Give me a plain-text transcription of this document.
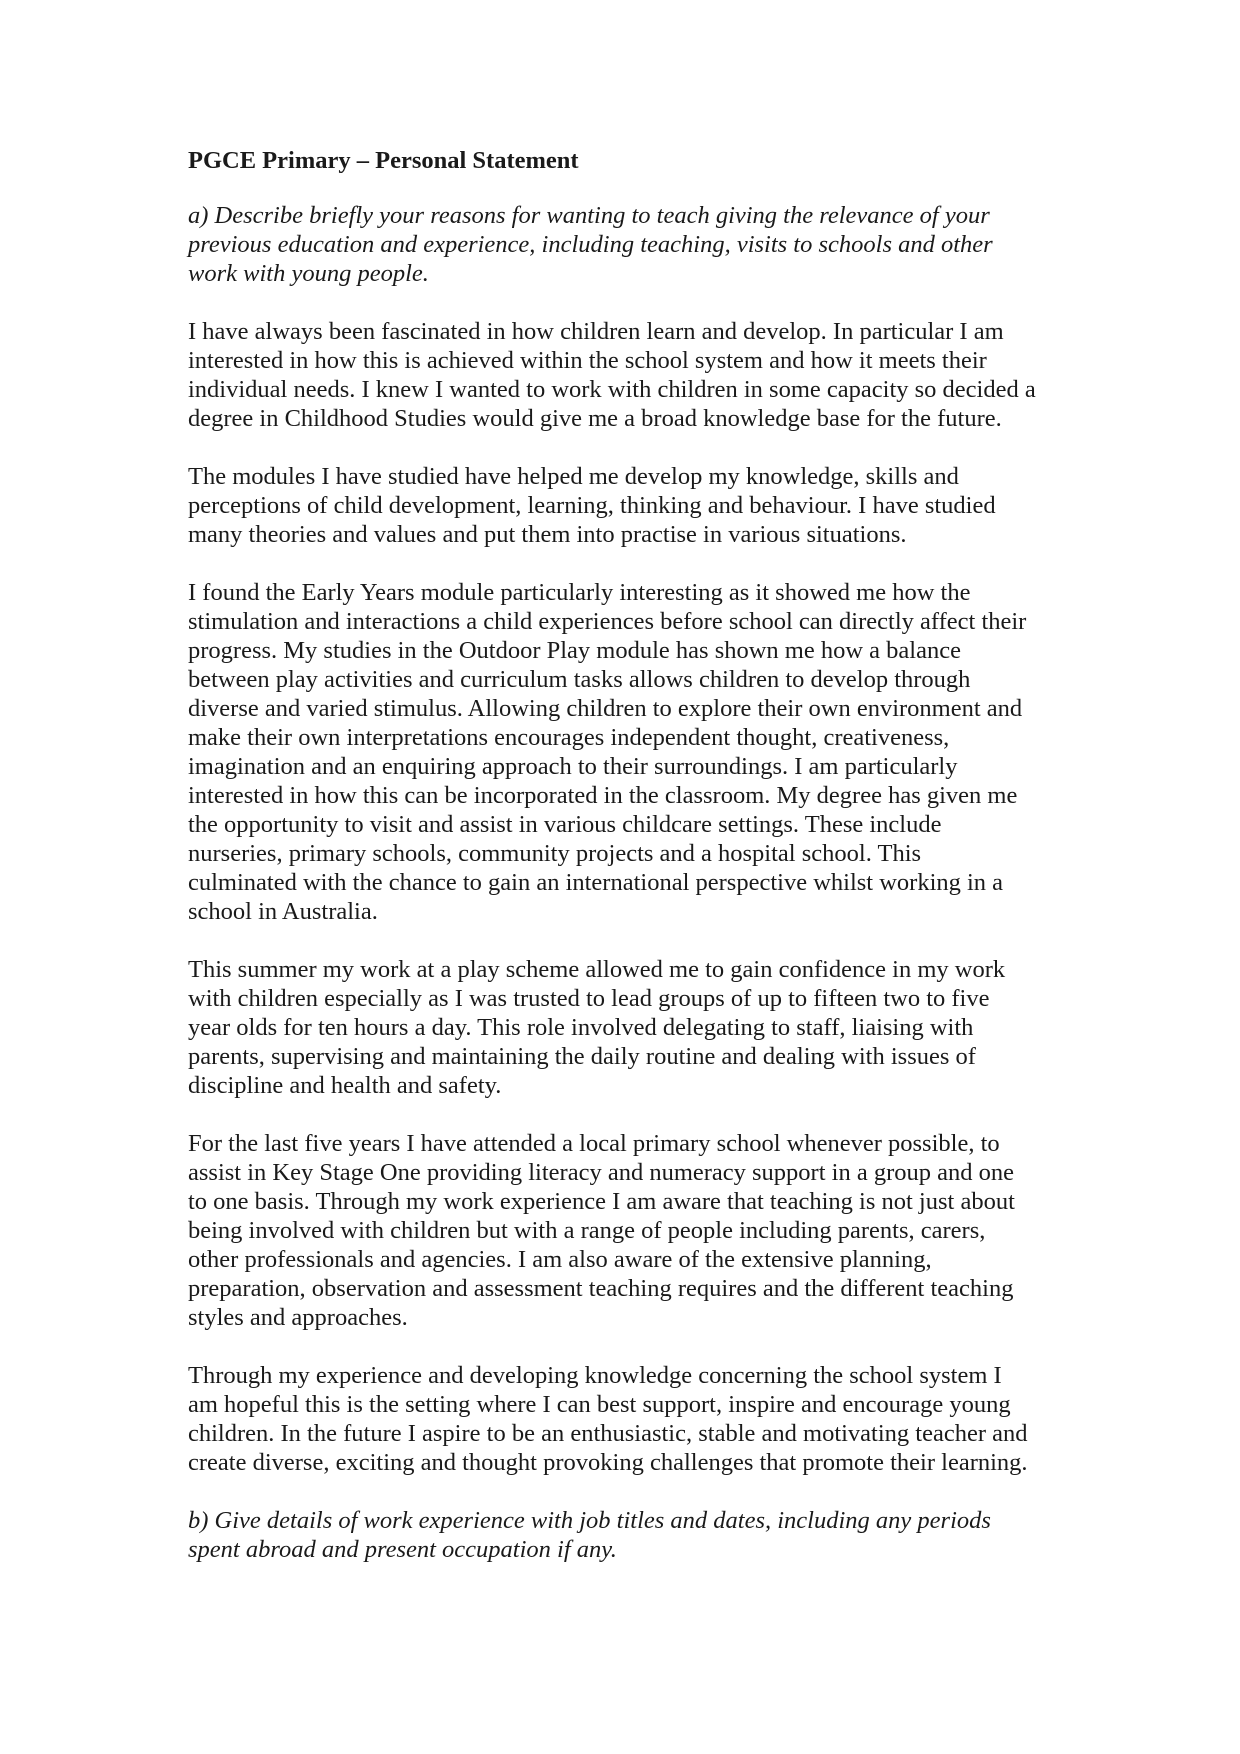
PGCE Primary – Personal Statement
a) Describe briefly your reasons for wanting to teach giving the relevance of your
previous education and experience, including teaching, visits to schools and other
work with young people.
I have always been fascinated in how children learn and develop. In particular I am
interested in how this is achieved within the school system and how it meets their
individual needs. I knew I wanted to work with children in some capacity so decided a
degree in Childhood Studies would give me a broad knowledge base for the future.
The modules I have studied have helped me develop my knowledge, skills and
perceptions of child development, learning, thinking and behaviour. I have studied
many theories and values and put them into practise in various situations.
I found the Early Years module particularly interesting as it showed me how the
stimulation and interactions a child experiences before school can directly affect their
progress. My studies in the Outdoor Play module has shown me how a balance
between play activities and curriculum tasks allows children to develop through
diverse and varied stimulus. Allowing children to explore their own environment and
make their own interpretations encourages independent thought, creativeness,
imagination and an enquiring approach to their surroundings. I am particularly
interested in how this can be incorporated in the classroom. My degree has given me
the opportunity to visit and assist in various childcare settings. These include
nurseries, primary schools, community projects and a hospital school. This
culminated with the chance to gain an international perspective whilst working in a
school in Australia.
This summer my work at a play scheme allowed me to gain confidence in my work
with children especially as I was trusted to lead groups of up to fifteen two to five
year olds for ten hours a day. This role involved delegating to staff, liaising with
parents, supervising and maintaining the daily routine and dealing with issues of
discipline and health and safety.
For the last five years I have attended a local primary school whenever possible, to
assist in Key Stage One providing literacy and numeracy support in a group and one
to one basis. Through my work experience I am aware that teaching is not just about
being involved with children but with a range of people including parents, carers,
other professionals and agencies. I am also aware of the extensive planning,
preparation, observation and assessment teaching requires and the different teaching
styles and approaches.
Through my experience and developing knowledge concerning the school system I
am hopeful this is the setting where I can best support, inspire and encourage young
children. In the future I aspire to be an enthusiastic, stable and motivating teacher and
create diverse, exciting and thought provoking challenges that promote their learning.
b) Give details of work experience with job titles and dates, including any periods
spent abroad and present occupation if any.
